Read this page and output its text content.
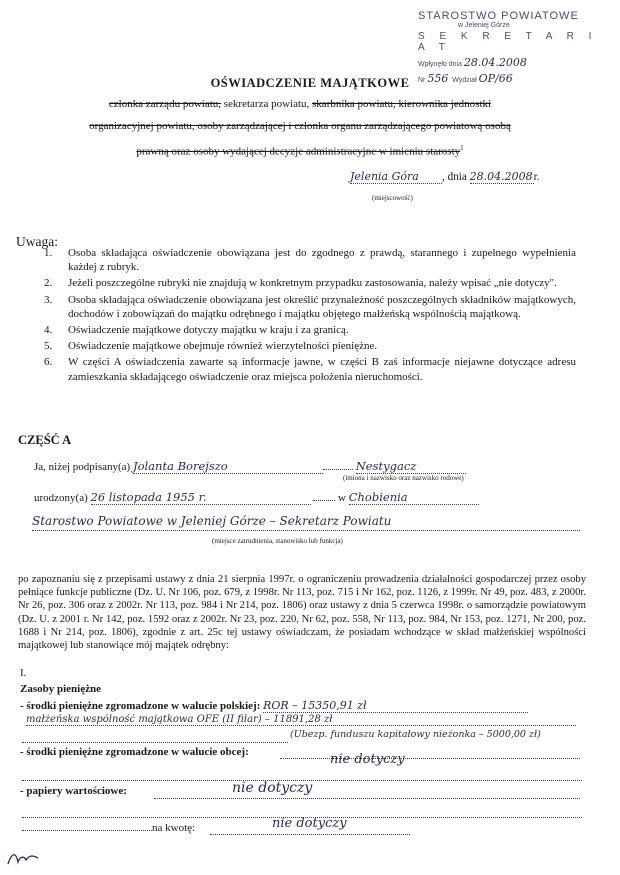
STAROSTWO POWIATOWE
w Jeleniej Górze
S E K R E T A R I A T
Wpłynęło dnia 28.04.2008
Nr 556 Wydział OP/66
OŚWIADCZENIE MAJĄTKOWE
członka zarządu powiatu, sekretarza powiatu, skarbnika powiatu, kierownika jednostki
organizacyjnej powiatu, osoby zarządzającej i członka organu zarządzającego powiatową osobą
prawną oraz osoby wydającej decyzje administracyjne w imieniu starosty$^1$
Jelenia Góra , dnia 28.04.2008r.
(miejscowość)
Uwaga:
1. Osoba składająca oświadczenie obowiązana jest do zgodnego z prawdą, starannego i zupełnego wypełnienia każdej z rubryk.
2. Jeżeli poszczególne rubryki nie znajdują w konkretnym przypadku zastosowania, należy wpisać „nie dotyczy".
3. Osoba składająca oświadczenie obowiązana jest określić przynależność poszczególnych składników majątkowych, dochodów i zobowiązań do majątku odrębnego i majątku objętego małżeńską wspólnością majątkową.
4. Oświadczenie majątkowe dotyczy majątku w kraju i za granicą.
5. Oświadczenie majątkowe obejmuje również wierzytelności pieniężne.
6. W części A oświadczenia zawarte są informacje jawne, w części B zaś informacje niejawne dotyczące adresu zamieszkania składającego oświadczenie oraz miejsca położenia nieruchomości.
CZĘŚĆ A
Ja, niżej podpisany(a) Jolanta Borejszo	Nestygacz
(imiona i nazwisko oraz nazwisko rodowe)
urodzony(a) 26 listopada 1955 r.	w Chobienia
Starostwo Powiatowe w Jeleniej Górze – Sekretarz Powiatu
(miejsce zatrudnienia, stanowisko lub funkcja)
po zapoznaniu się z przepisami ustawy z dnia 21 sierpnia 1997r. o ograniczeniu prowadzenia działalności gospodarczej przez osoby pełniące funkcje publiczne (Dz. U. Nr 106, poz. 679, z 1998r. Nr 113, poz. 715 i Nr 162, poz. 1126, z 1999r. Nr 49, poz. 483, z 2000r. Nr 26, poz. 306 oraz z 2002r. Nr 113, poz. 984 i Nr 214, poz. 1806) oraz ustawy z dnia 5 czerwca 1998r. o samorządzie powiatowym (Dz. U. z 2001 r. Nr 142, poz. 1592 oraz z 2002r. Nr 23, poz. 220, Nr 62, poz. 558, Nr 113, poz. 984, Nr 153, poz. 1271, Nr 200, poz. 1688 i Nr 214, poz. 1806), zgodnie z art. 25c tej ustawy oświadczam, że posiadam wchodzące w skład małżeńskiej wspólności majątkowej lub stanowiące mój majątek odrębny:
I.
Zasoby pieniężne
- środki pieniężne zgromadzone w walucie polskiej: ROR – 15350,91 zł
małżeńska wspólność majątkowa OFE (II filar) – 11891,28 zł
(Ubezp. funduszu kapitałowy nieżonka – 5000,00 zł)
- środki pieniężne zgromadzone w walucie obcej:	nie dotyczy
- papiery wartościowe:	nie dotyczy
na kwotę:	nie dotyczy
